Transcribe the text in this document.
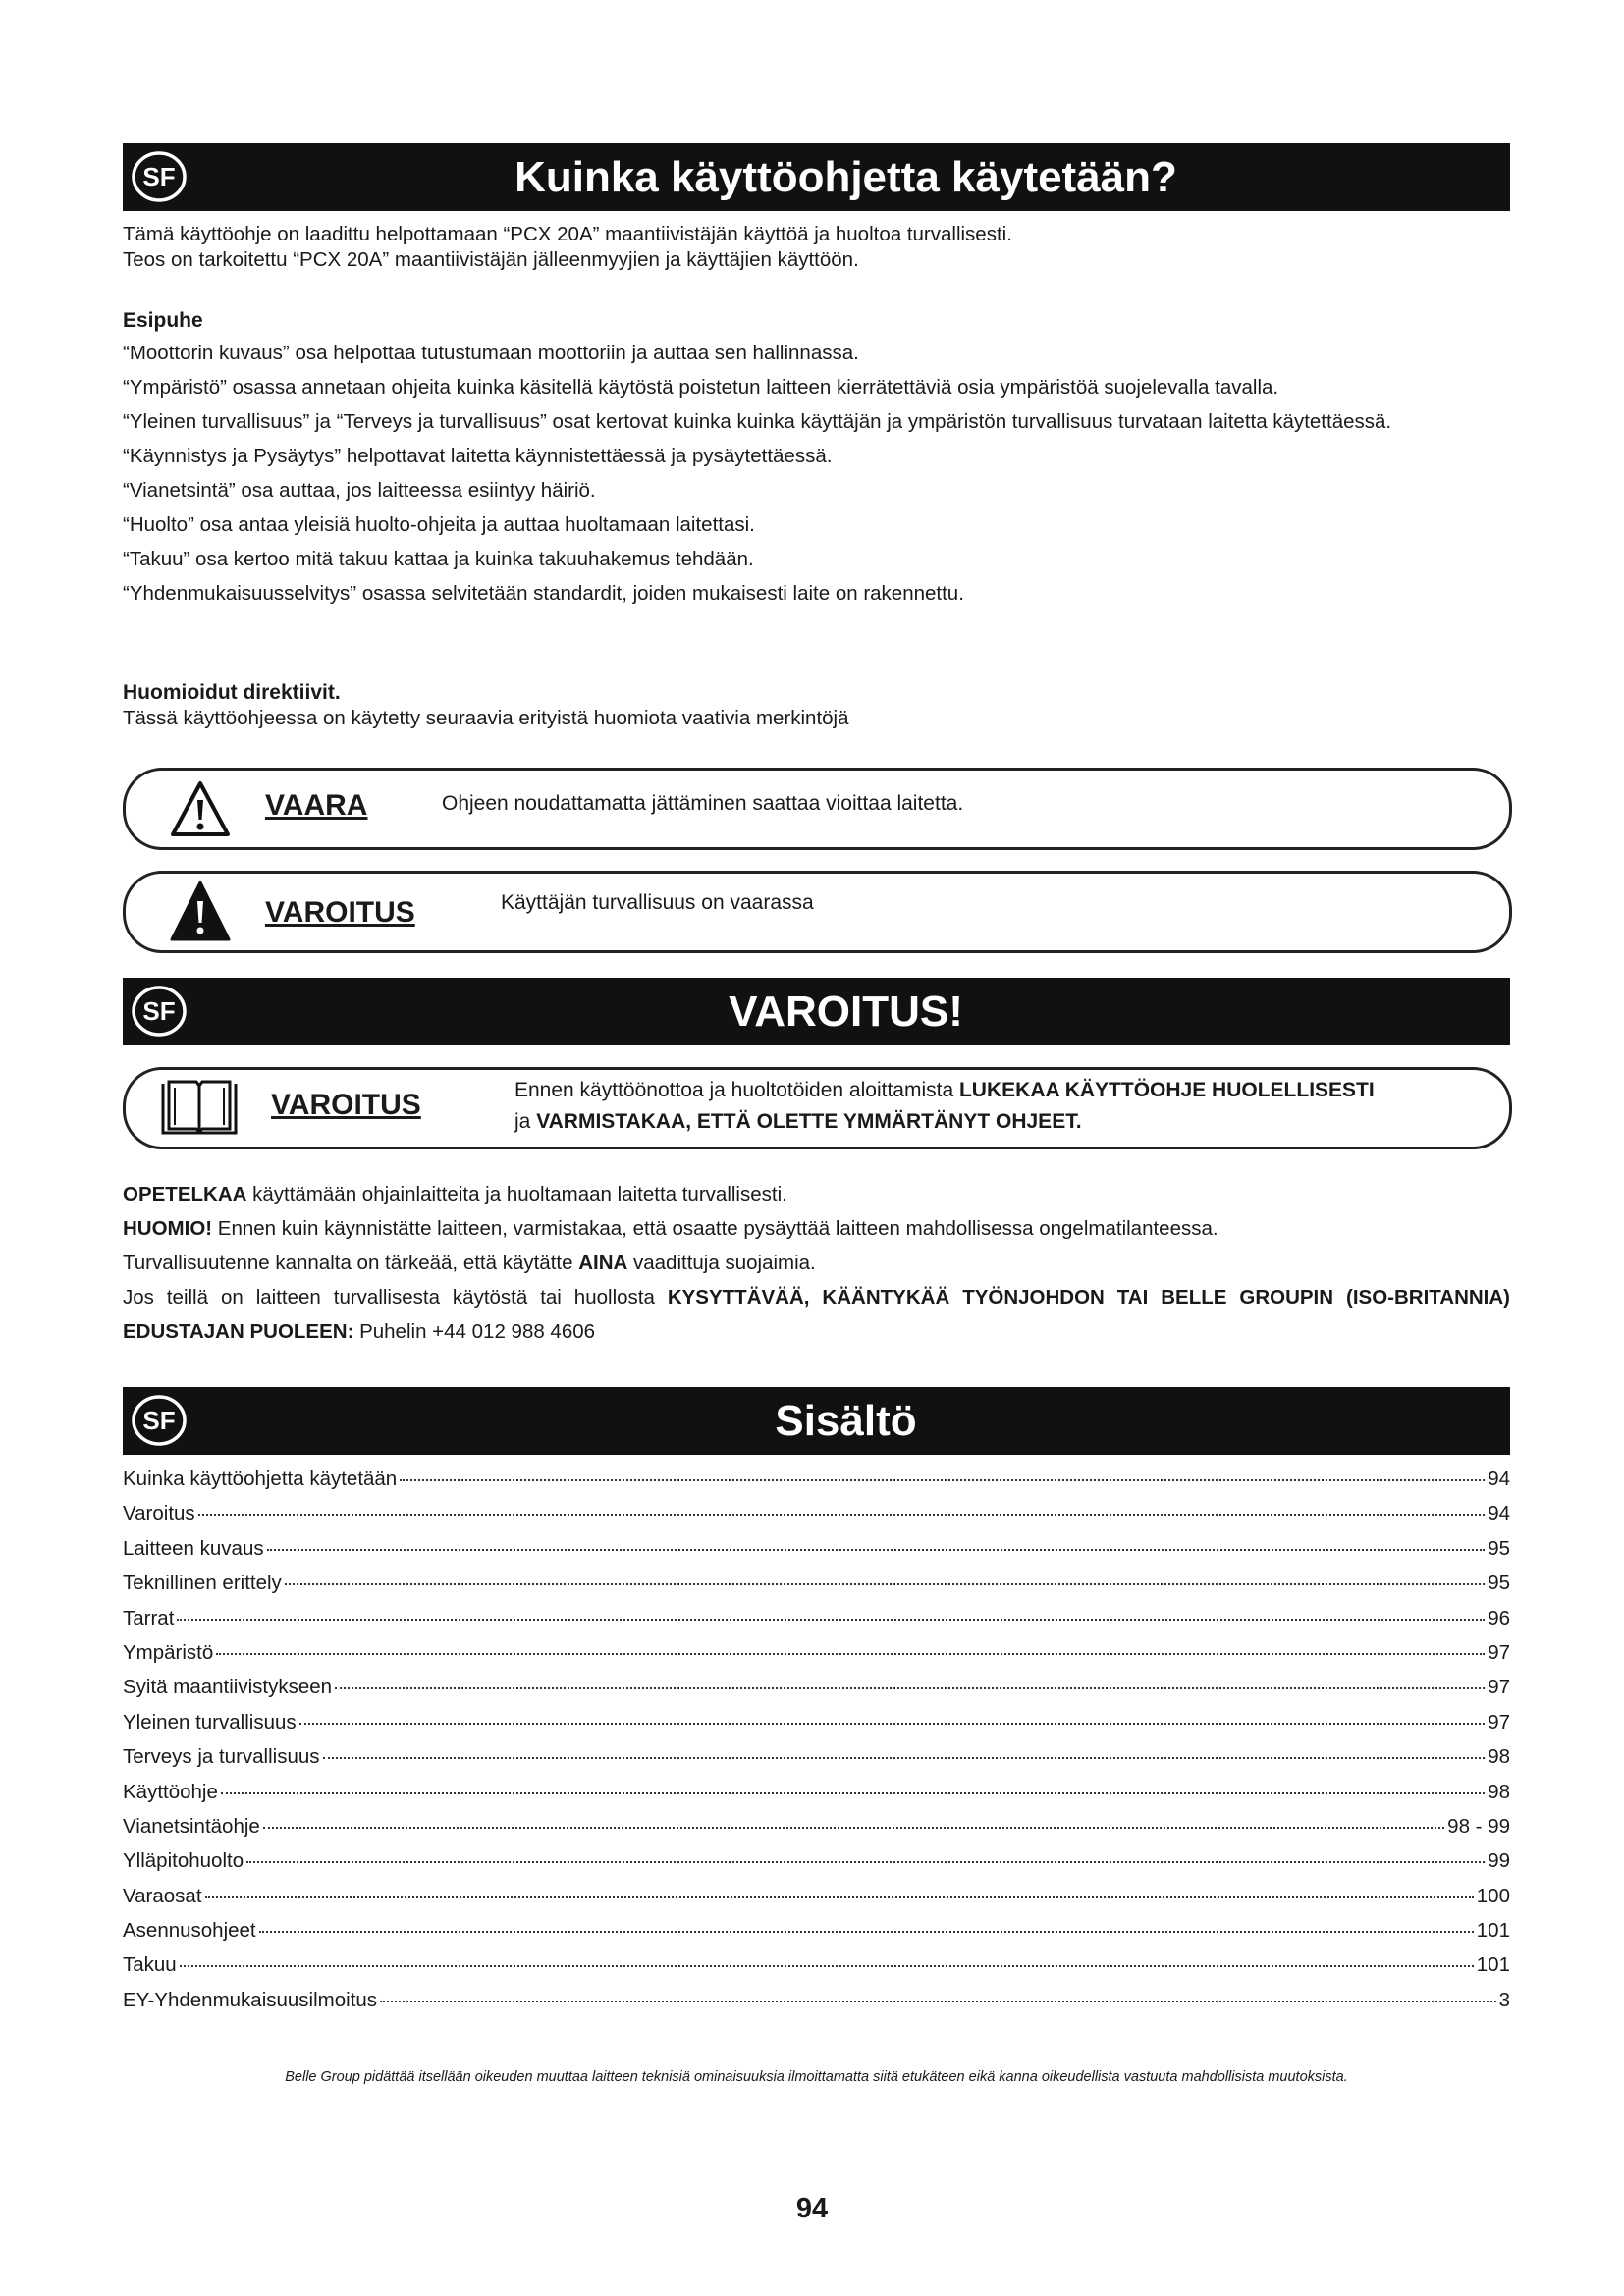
SF	Kuinka käyttöohjetta käytetään?

Tämä käyttöohje on laadittu helpottamaan “PCX 20A” maantiivistäjän käyttöä ja huoltoa turvallisesti.

Teos on tarkoitettu “PCX 20A” maantiivistäjän jälleenmyyjien ja käyttäjien käyttöön.

Esipuhe

“Moottorin kuvaus” osa helpottaa tutustumaan moottoriin ja auttaa sen hallinnassa.

“Ympäristö” osassa annetaan ohjeita kuinka käsitellä käytöstä poistetun laitteen kierrätettäviä osia ympäristöä suojelevalla tavalla.

“Yleinen turvallisuus” ja “Terveys ja turvallisuus” osat kertovat kuinka kuinka käyttäjän ja ympäristön turvallisuus turvataan laitetta käytettäessä.

“Käynnistys ja Pysäytys” helpottavat laitetta käynnistettäessä ja pysäytettäessä.

“Vianetsintä” osa auttaa, jos laitteessa esiintyy häiriö.

“Huolto” osa antaa yleisiä huolto-ohjeita ja auttaa huoltamaan laitettasi.

“Takuu” osa kertoo mitä takuu kattaa ja kuinka takuuhakemus tehdään.

“Yhdenmukaisuusselvitys” osassa selvitetään standardit, joiden mukaisesti laite on rakennettu.

Huomioidut direktiivit.

Tässä käyttöohjeessa on käytetty seuraavia erityistä huomiota vaativia merkintöjä

VAARA	Ohjeen noudattamatta jättäminen saattaa vioittaa laitetta.
VAROITUS	Käyttäjän turvallisuus on vaarassa
SF	VAROITUS!
VAROITUS	Ennen käyttöönottoa ja huoltotöiden aloittamista LUKEKAA KÄYTTÖOHJE HUOLELLISESTI
ja VARMISTAKAA, ETTÄ OLETTE YMMÄRTÄNYT OHJEET.

OPETELKAA käyttämään ohjainlaitteita ja huoltamaan laitetta turvallisesti.

HUOMIO! Ennen kuin käynnistätte laitteen, varmistakaa, että osaatte pysäyttää laitteen mahdollisessa ongelmatilanteessa.

Turvallisuutenne kannalta on tärkeää, että käytätte AINA vaadittuja suojaimia.

Jos teillä on laitteen turvallisesta käytöstä tai huollosta KYSYTTÄVÄÄ, KÄÄNTYKÄÄ TYÖNJOHDON TAI BELLE GROUPIN (ISO-BRITANNIA) EDUSTAJAN PUOLEEN: Puhelin +44 012 988 4606

SF	Sisältö
Kuinka käyttöohjetta käytetään	94
Varoitus	94
Laitteen kuvaus	95
Teknillinen erittely	95
Tarrat	96
Ympäristö	97
Syitä maantiivistykseen	97
Yleinen turvallisuus	97
Terveys ja turvallisuus	98
Käyttöohje	98
Vianetsintäohje	98 - 99
Ylläpitohuolto	99
Varaosat	100
Asennusohjeet	101
Takuu	101
EY-Yhdenmukaisuusilmoitus	3
Belle Group pidättää itsellään oikeuden muuttaa laitteen teknisiä ominaisuuksia ilmoittamatta siitä etukäteen eikä kanna oikeudellista vastuuta mahdollisista muutoksista.
94
